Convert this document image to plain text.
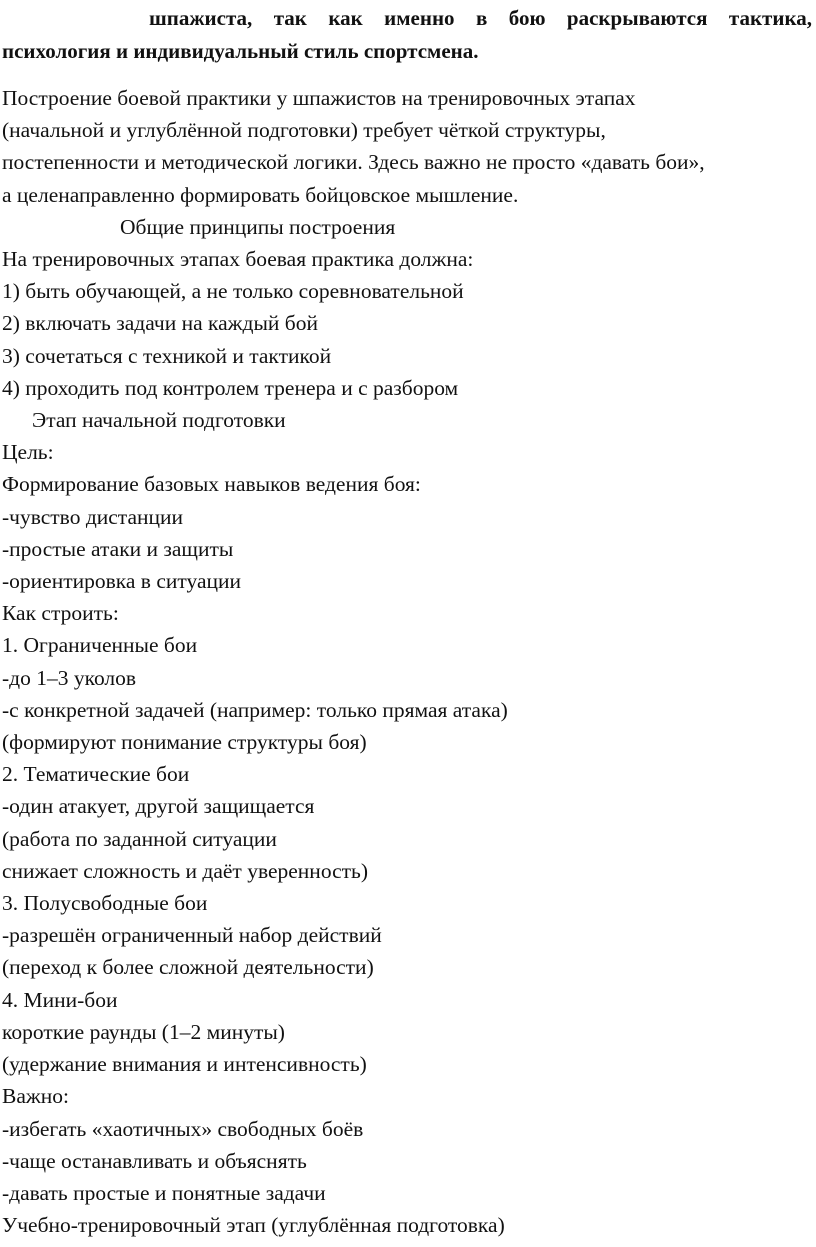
шпажиста, так как именно в бою раскрываются тактика,
психология и индивидуальный стиль спортсмена.
Построение боевой практики у шпажистов на тренировочных этапах
(начальной и углублённой подготовки) требует чёткой структуры,
постепенности и методической логики. Здесь важно не просто «давать бои»,
а целенаправленно формировать бойцовское мышление.
Общие принципы построения
На тренировочных этапах боевая практика должна:
1) быть обучающей, а не только соревновательной
2) включать задачи на каждый бой
3) сочетаться с техникой и тактикой
4) проходить под контролем тренера и с разбором
Этап начальной подготовки
Цель:
Формирование базовых навыков ведения боя:
-чувство дистанции
-простые атаки и защиты
-ориентировка в ситуации
Как строить:
1. Ограниченные бои
-до 1–3 уколов
-с конкретной задачей (например: только прямая атака)
(формируют понимание структуры боя)
2. Тематические бои
-один атакует, другой защищается
(работа по заданной ситуации
снижает сложность и даёт уверенность)
3. Полусвободные бои
-разрешён ограниченный набор действий
(переход к более сложной деятельности)
4. Мини-бои
короткие раунды (1–2 минуты)
(удержание внимания и интенсивность)
Важно:
-избегать «хаотичных» свободных боёв
-чаще останавливать и объяснять
-давать простые и понятные задачи
Учебно-тренировочный этап (углублённая подготовка)
